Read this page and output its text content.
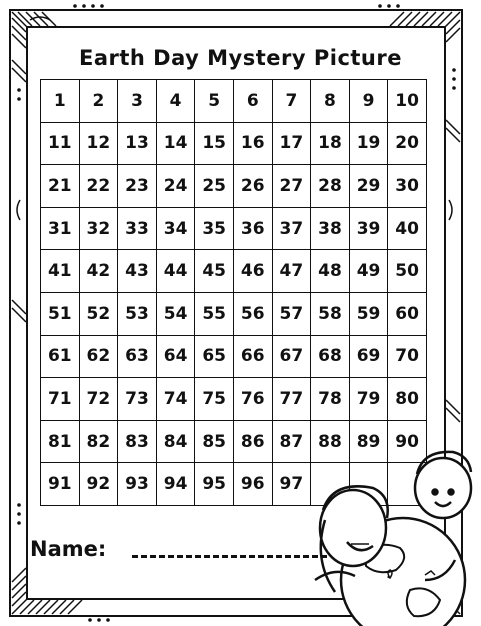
Earth Day Mystery Picture
1	2	3	4	5	6	7	8	9	10
11	12	13	14	15	16	17	18	19	20
21	22	23	24	25	26	27	28	29	30
31	32	33	34	35	36	37	38	39	40
41	42	43	44	45	46	47	48	49	50
51	52	53	54	55	56	57	58	59	60
61	62	63	64	65	66	67	68	69	70
71	72	73	74	75	76	77	78	79	80
81	82	83	84	85	86	87	88	89	90
91	92	93	94	95	96	97			
Name:
